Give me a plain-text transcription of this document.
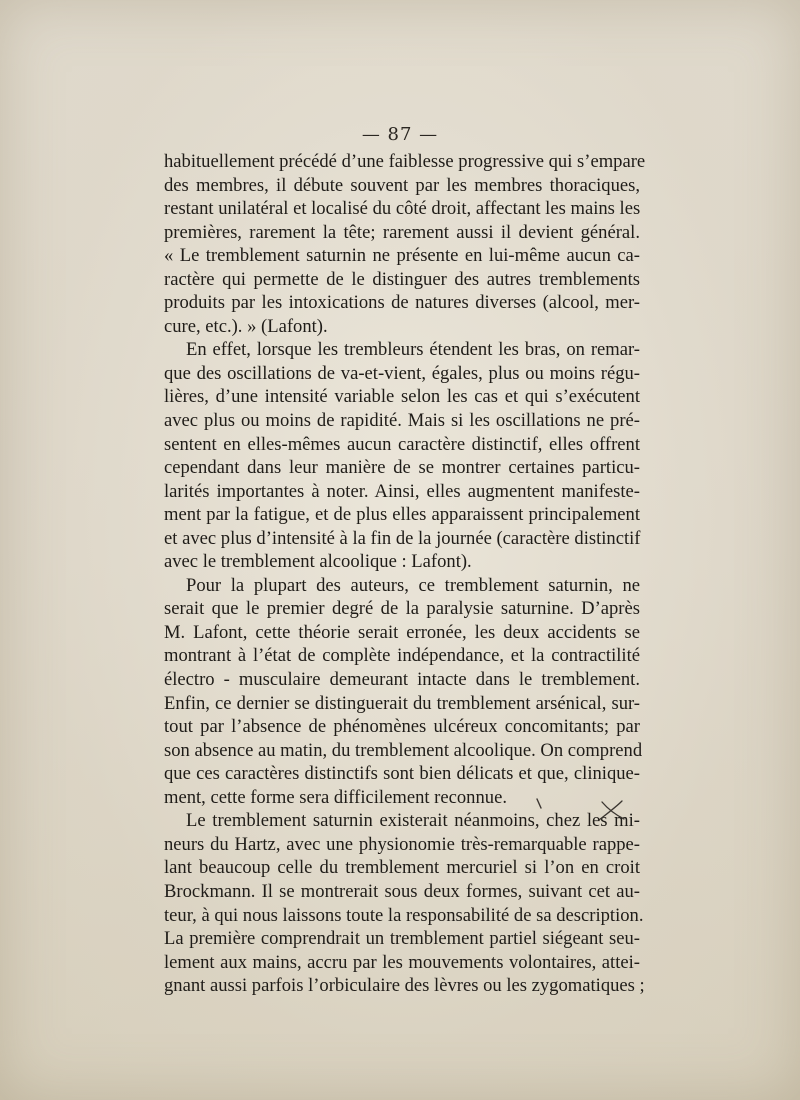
— 87 —
habituellement précédé d’une faiblesse progressive qui s’empare
des membres, il débute souvent par les membres thoraciques,
restant unilatéral et localisé du côté droit, affectant les mains les
premières, rarement la tête; rarement aussi il devient général.
« Le tremblement saturnin ne présente en lui-même aucun ca-
ractère qui permette de le distinguer des autres tremblements
produits par les intoxications de natures diverses (alcool, mer-
cure, etc.). » (Lafont).
En effet, lorsque les trembleurs étendent les bras, on remar-
que des oscillations de va-et-vient, égales, plus ou moins régu-
lières, d’une intensité variable selon les cas et qui s’exécutent
avec plus ou moins de rapidité. Mais si les oscillations ne pré-
sentent en elles-mêmes aucun caractère distinctif, elles offrent
cependant dans leur manière de se montrer certaines particu-
larités importantes à noter. Ainsi, elles augmentent manifeste-
ment par la fatigue, et de plus elles apparaissent principalement
et avec plus d’intensité à la fin de la journée (caractère distinctif
avec le tremblement alcoolique : Lafont).
Pour la plupart des auteurs, ce tremblement saturnin, ne
serait que le premier degré de la paralysie saturnine. D’après
M. Lafont, cette théorie serait erronée, les deux accidents se
montrant à l’état de complète indépendance, et la contractilité
électro - musculaire demeurant intacte dans le tremblement.
Enfin, ce dernier se distinguerait du tremblement arsénical, sur-
tout par l’absence de phénomènes ulcéreux concomitants; par
son absence au matin, du tremblement alcoolique. On comprend
que ces caractères distinctifs sont bien délicats et que, clinique-
ment, cette forme sera difficilement reconnue.
Le tremblement saturnin existerait néanmoins, chez les mi-
neurs du Hartz, avec une physionomie très-remarquable rappe-
lant beaucoup celle du tremblement mercuriel si l’on en croit
Brockmann. Il se montrerait sous deux formes, suivant cet au-
teur, à qui nous laissons toute la responsabilité de sa description.
La première comprendrait un tremblement partiel siégeant seu-
lement aux mains, accru par les mouvements volontaires, attei-
gnant aussi parfois l’orbiculaire des lèvres ou les zygomatiques ;
